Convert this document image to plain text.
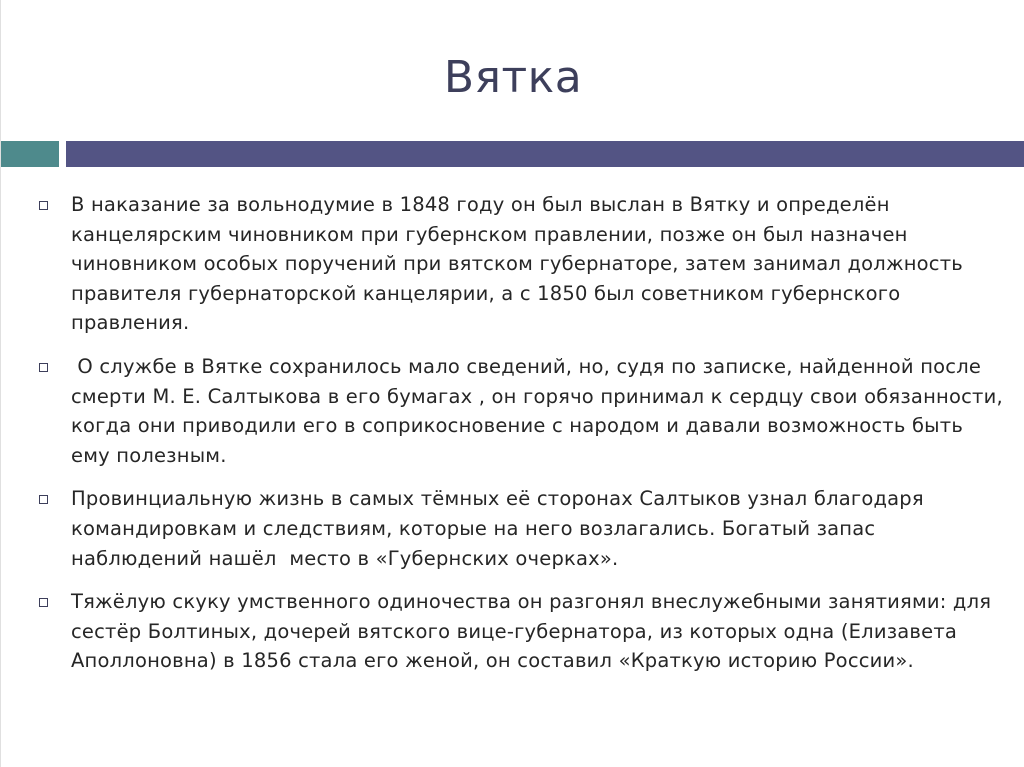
Вятка
В наказание за вольнодумие в 1848 году он был выслан в Вятку и определён канцелярским чиновником при губернском правлении, позже он был назначен чиновником особых поручений при вятском губернаторе, затем занимал должность правителя губернаторской канцелярии, а с 1850 был советником губернского правления.
О службе в Вятке сохранилось мало сведений, но, судя по записке, найденной после смерти М. Е. Салтыкова в его бумагах , он горячо принимал к сердцу свои обязанности, когда они приводили его в соприкосновение с народом и давали возможность быть ему полезным.
Провинциальную жизнь в самых тёмных её сторонах Салтыков узнал благодаря командировкам и следствиям, которые на него возлагались. Богатый запас  наблюдений нашёл  место в «Губернских очерках».
Тяжёлую скуку умственного одиночества он разгонял внеслужебными занятиями: для сестёр Болтиных, дочерей вятского вице-губернатора, из которых одна (Елизавета Аполлоновна) в 1856 стала его женой, он составил «Краткую историю России».
